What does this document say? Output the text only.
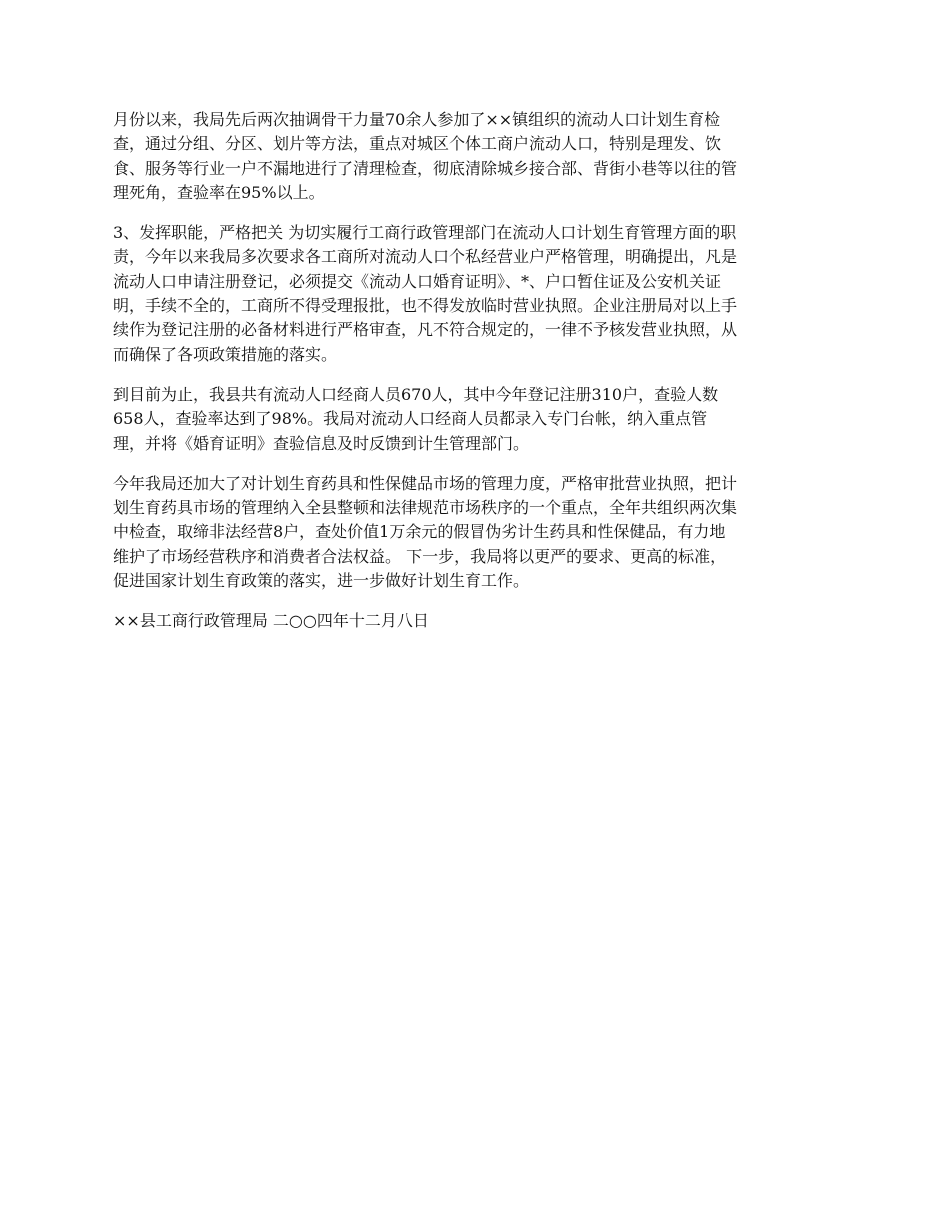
月份以来，我局先后两次抽调骨干力量70余人参加了××镇组织的流动人口计划生育检
查，通过分组、分区、划片等方法，重点对城区个体工商户流动人口，特别是理发、饮
食、服务等行业一户不漏地进行了清理检查，彻底清除城乡接合部、背街小巷等以往的管
理死角，查验率在95%以上。

3、发挥职能，严格把关 为切实履行工商行政管理部门在流动人口计划生育管理方面的职
责，今年以来我局多次要求各工商所对流动人口个私经营业户严格管理，明确提出，凡是
流动人口申请注册登记，必须提交《流动人口婚育证明》、*、户口暂住证及公安机关证
明，手续不全的，工商所不得受理报批，也不得发放临时营业执照。企业注册局对以上手
续作为登记注册的必备材料进行严格审查，凡不符合规定的，一律不予核发营业执照，从
而确保了各项政策措施的落实。

到目前为止，我县共有流动人口经商人员670人，其中今年登记注册310户，查验人数
658人，查验率达到了98%。我局对流动人口经商人员都录入专门台帐，纳入重点管
理，并将《婚育证明》查验信息及时反馈到计生管理部门。

今年我局还加大了对计划生育药具和性保健品市场的管理力度，严格审批营业执照，把计
划生育药具市场的管理纳入全县整顿和法律规范市场秩序的一个重点，全年共组织两次集
中检查，取缔非法经营8户，查处价值1万余元的假冒伪劣计生药具和性保健品，有力地
维护了市场经营秩序和消费者合法权益。 下一步，我局将以更严的要求、更高的标准，
促进国家计划生育政策的落实，进一步做好计划生育工作。

××县工商行政管理局 二○○四年十二月八日
